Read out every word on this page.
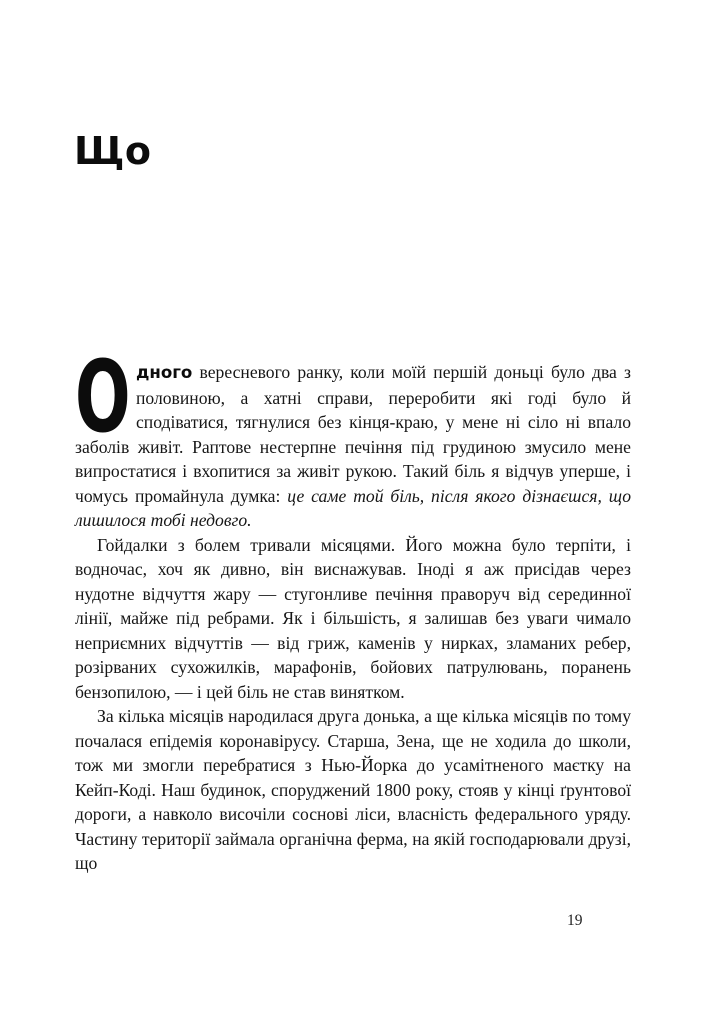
Що

Одного вересневого ранку, коли моїй першій доньці було два з половиною, а хатні справи, переробити які годі було й сподіватися, тягнулися без кінця-краю, у мене ні сіло ні впало заболів живіт. Раптове нестерпне печіння під грудиною змусило мене випростатися і вхопитися за живіт рукою. Такий біль я відчув уперше, і чомусь промайнула думка: це саме той біль, після якого дізнаєшся, що лишилося тобі недовго.

Гойдалки з болем тривали місяцями. Його можна було терпіти, і водночас, хоч як дивно, він виснажував. Іноді я аж присідав через нудотне відчуття жару — стугонливе печіння праворуч від серединної лінії, майже під ребрами. Як і більшість, я залишав без уваги чимало неприємних відчуттів — від гриж, каменів у нирках, зламаних ребер, розірваних сухожилків, марафонів, бойових патрулювань, поранень бензопилою, — і цей біль не став винятком.

За кілька місяців народилася друга донька, а ще кілька місяців по тому почалася епідемія коронавірусу. Старша, Зена, ще не ходила до школи, тож ми змогли перебратися з Нью-Йорка до усамітненого маєтку на Кейп-Коді. Наш будинок, споруджений 1800 року, стояв у кінці ґрунтової дороги, а навколо височіли соснові ліси, власність федерального уряду. Частину території займала органічна ферма, на якій господарювали друзі, що

19
